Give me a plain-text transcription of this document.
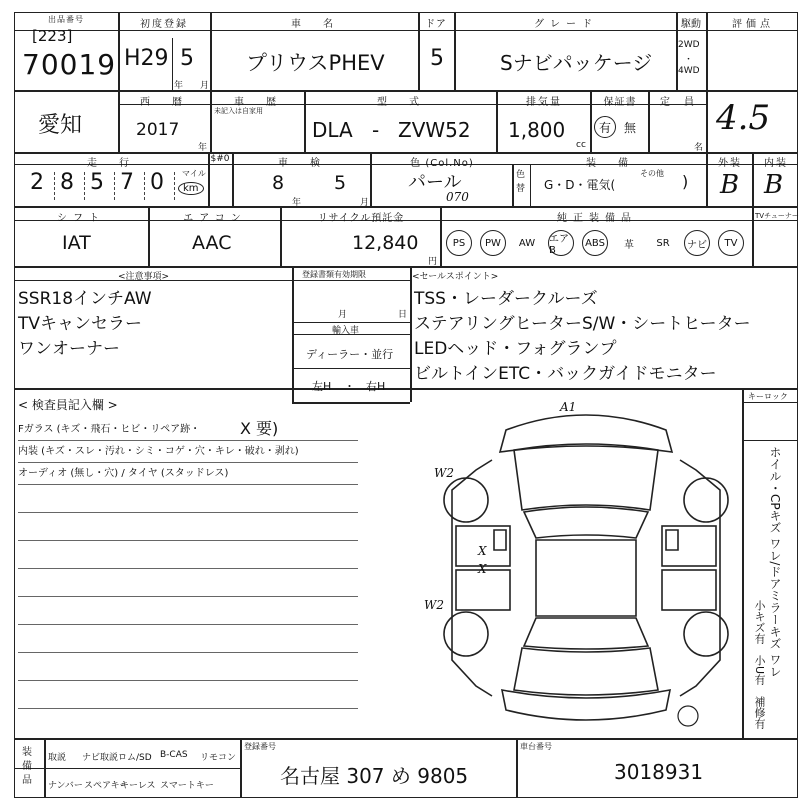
出品番号
[223]
70019
初度登録
H29 5
年 月
車　名
プリウスPHEV
ドア
5
グレード
Sナビパッケージ
駆動
2WD
・
4WD
評価点
4.5
愛知
西　暦
2017
年
車　歴
未記入は自家用
型　式
DLA - ZVW52
排気量
1,800
cc
保証書
有	無
定　員
名
走　行
2 8 5 7 0 マイル
km
$#0	車　検
8	5
年	月
色 (Col.No)
パール
070
色替
装　備
G・D・電気(
その他 )
外装
B
内装
B
シフト
IAT
エアコン
AAC
リサイクル預託金
12,840
円
純正装備品
PS	PW	AW	エアB
ABS	革	SR	ナビ	TV
TVチューナー
<注意事項>
SSR18インチAW
TVキャンセラー
ワンオーナー
登録書類有効期限
月	日
輸入車
ディーラー・並行
左H ・ 右H
<セールスポイント>
TSS・レーダークルーズ
ステアリングヒーターS/W・シートヒーター
LEDヘッド・フォグランプ
ビルトインETC・バックガイドモニター
キーロック
< 検査員記入欄 >
Fガラス (キズ・飛石・ヒビ・リペア跡・
内装 (キズ・スレ・汚れ・シミ・コゲ・穴・キレ・破れ・剥れ)
オーディオ (無し・穴) / タイヤ (スタッドレス)
X 要)
ホイル・CPキズ ワレ/ドアミラーキズ ワレ
小キズ有　小U有　補修有
A1
W2
W2
X
X
装備品
取説 ナビ取説 ロム/SD B-CAS リモコン
ナンバー スペアキー
キーレス スマートキー
登録番号
名古屋 307 め 9805
車台番号
3018931
